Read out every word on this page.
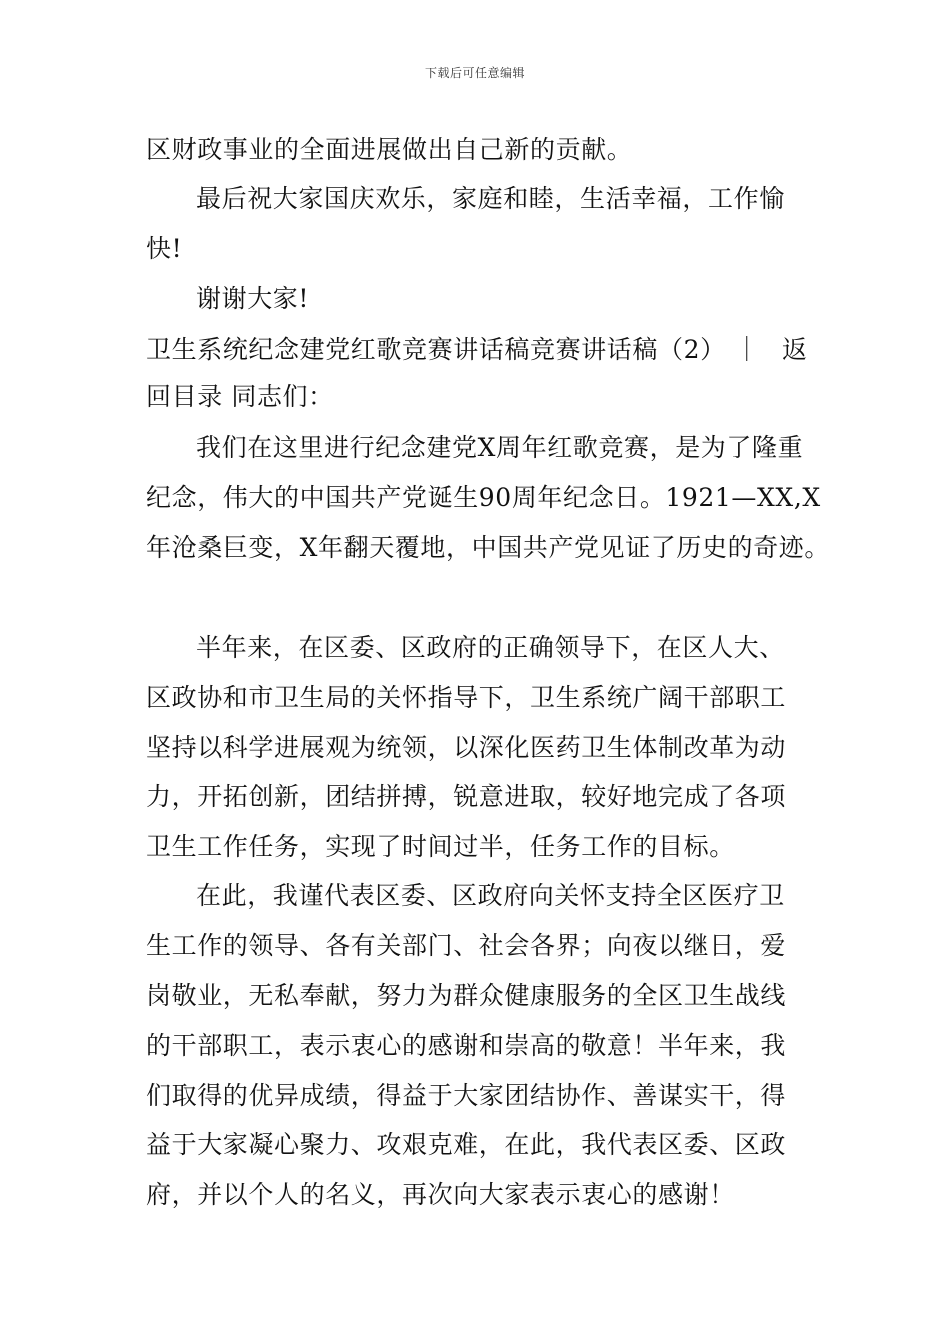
下载后可任意编辑
区财政事业的全面进展做出自己新的贡献。
最后祝大家国庆欢乐，家庭和睦，生活幸福，工作愉
快!
谢谢大家!
卫生系统纪念建党红歌竞赛讲话稿竞赛讲话稿（2） ｜ 返
回目录 同志们：
我们在这里进行纪念建党X周年红歌竞赛，是为了隆重
纪念，伟大的中国共产党诞生90周年纪念日。1921—XX,X
年沧桑巨变，X年翻天覆地，中国共产党见证了历史的奇迹。
半年来，在区委、区政府的正确领导下，在区人大、
区政协和市卫生局的关怀指导下，卫生系统广阔干部职工
坚持以科学进展观为统领，以深化医药卫生体制改革为动
力，开拓创新，团结拼搏，锐意进取，较好地完成了各项
卫生工作任务，实现了时间过半，任务工作的目标。
在此，我谨代表区委、区政府向关怀支持全区医疗卫
生工作的领导、各有关部门、社会各界；向夜以继日，爱
岗敬业，无私奉献，努力为群众健康服务的全区卫生战线
的干部职工，表示衷心的感谢和崇高的敬意！半年来，我
们取得的优异成绩，得益于大家团结协作、善谋实干，得
益于大家凝心聚力、攻艰克难，在此，我代表区委、区政
府，并以个人的名义，再次向大家表示衷心的感谢！
